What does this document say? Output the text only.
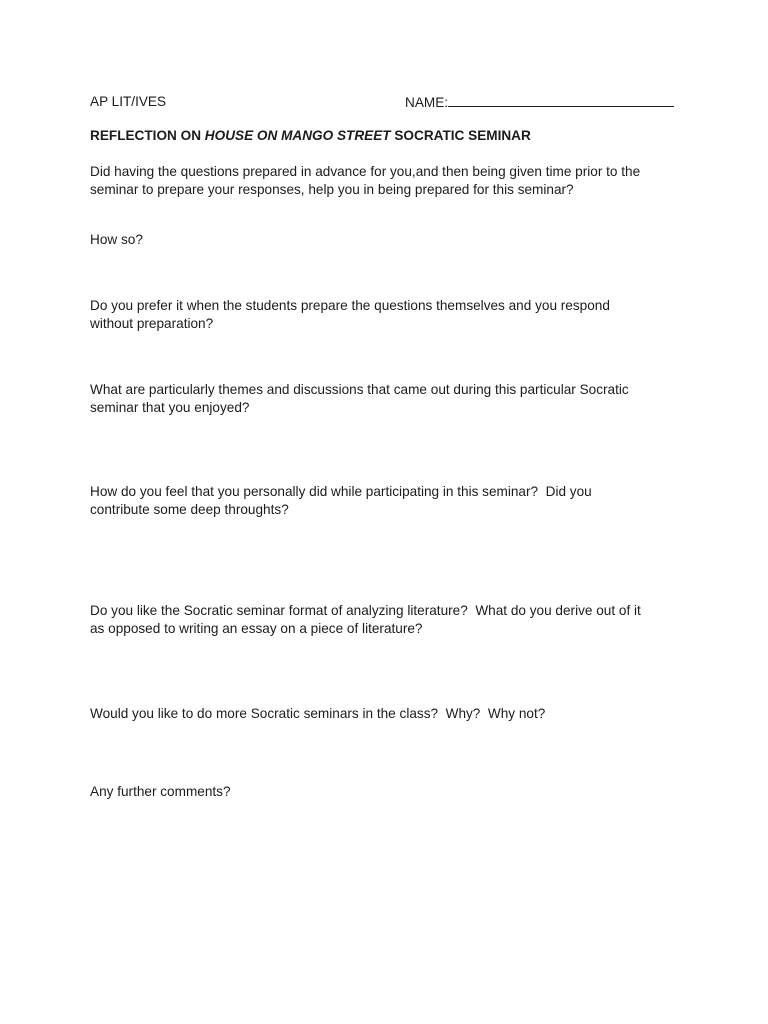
AP LIT/IVES	NAME:
REFLECTION ON HOUSE ON MANGO STREET SOCRATIC SEMINAR
Did having the questions prepared in advance for you,and then being given time prior to the
seminar to prepare your responses, help you in being prepared for this seminar?
How so?
Do you prefer it when the students prepare the questions themselves and you respond
without preparation?
What are particularly themes and discussions that came out during this particular Socratic
seminar that you enjoyed?
How do you feel that you personally did while participating in this seminar?  Did you
contribute some deep throughts?
Do you like the Socratic seminar format of analyzing literature?  What do you derive out of it
as opposed to writing an essay on a piece of literature?
Would you like to do more Socratic seminars in the class?  Why?  Why not?
Any further comments?
